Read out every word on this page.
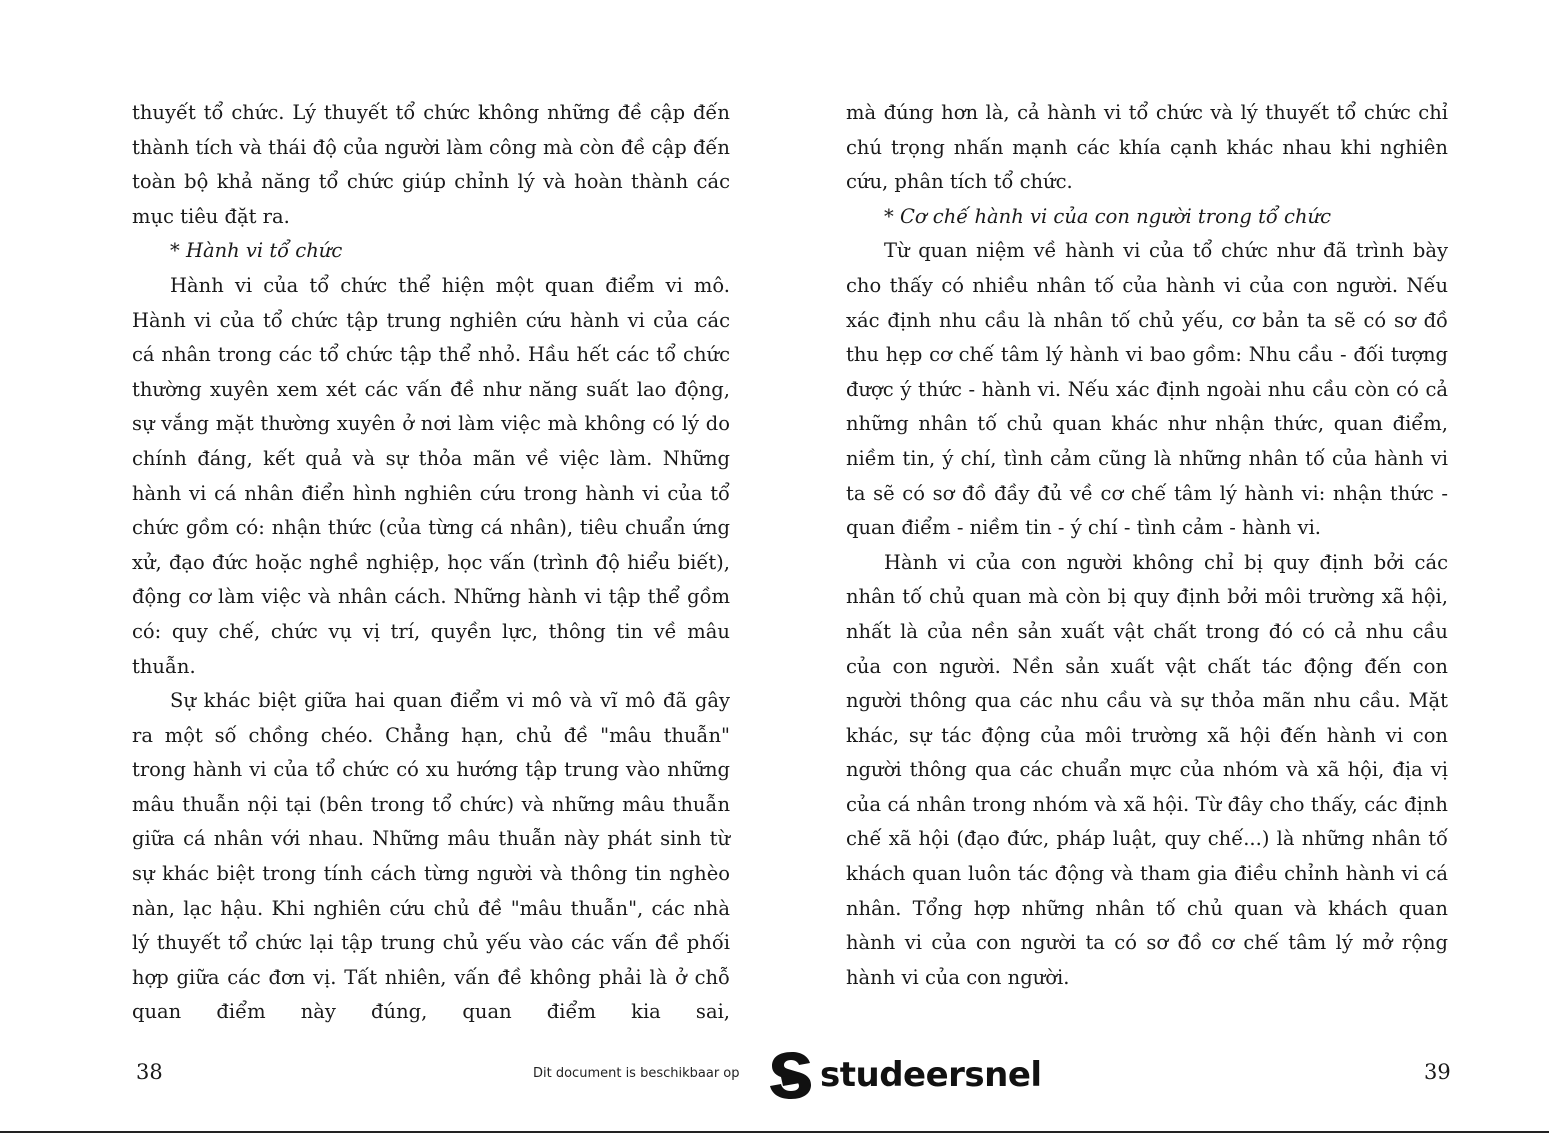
thuyết tổ chức. Lý thuyết tổ chức không những đề cập đến thành tích và thái độ của người làm công mà còn đề cập đến toàn bộ khả năng tổ chức giúp chỉnh lý và hoàn thành các mục tiêu đặt ra.

* Hành vi tổ chức

Hành vi của tổ chức thể hiện một quan điểm vi mô. Hành vi của tổ chức tập trung nghiên cứu hành vi của các cá nhân trong các tổ chức tập thể nhỏ. Hầu hết các tổ chức thường xuyên xem xét các vấn đề như năng suất lao động, sự vắng mặt thường xuyên ở nơi làm việc mà không có lý do chính đáng, kết quả và sự thỏa mãn về việc làm. Những hành vi cá nhân điển hình nghiên cứu trong hành vi của tổ chức gồm có: nhận thức (của từng cá nhân), tiêu chuẩn ứng xử, đạo đức hoặc nghề nghiệp, học vấn (trình độ hiểu biết), động cơ làm việc và nhân cách. Những hành vi tập thể gồm có: quy chế, chức vụ vị trí, quyền lực, thông tin về mâu thuẫn.

Sự khác biệt giữa hai quan điểm vi mô và vĩ mô đã gây ra một số chồng chéo. Chẳng hạn, chủ đề "mâu thuẫn" trong hành vi của tổ chức có xu hướng tập trung vào những mâu thuẫn nội tại (bên trong tổ chức) và những mâu thuẫn giữa cá nhân với nhau. Những mâu thuẫn này phát sinh từ sự khác biệt trong tính cách từng người và thông tin nghèo nàn, lạc hậu. Khi nghiên cứu chủ đề "mâu thuẫn", các nhà lý thuyết tổ chức lại tập trung chủ yếu vào các vấn đề phối hợp giữa các đơn vị. Tất nhiên, vấn đề không phải là ở chỗ quan điểm này đúng, quan điểm kia sai,

mà đúng hơn là, cả hành vi tổ chức và lý thuyết tổ chức chỉ chú trọng nhấn mạnh các khía cạnh khác nhau khi nghiên cứu, phân tích tổ chức.

* Cơ chế hành vi của con người trong tổ chức

Từ quan niệm về hành vi của tổ chức như đã trình bày cho thấy có nhiều nhân tố của hành vi của con người. Nếu xác định nhu cầu là nhân tố chủ yếu, cơ bản ta sẽ có sơ đồ thu hẹp cơ chế tâm lý hành vi bao gồm: Nhu cầu - đối tượng được ý thức - hành vi. Nếu xác định ngoài nhu cầu còn có cả những nhân tố chủ quan khác như nhận thức, quan điểm, niềm tin, ý chí, tình cảm cũng là những nhân tố của hành vi ta sẽ có sơ đồ đầy đủ về cơ chế tâm lý hành vi: nhận thức - quan điểm - niềm tin - ý chí - tình cảm - hành vi.

Hành vi của con người không chỉ bị quy định bởi các nhân tố chủ quan mà còn bị quy định bởi môi trường xã hội, nhất là của nền sản xuất vật chất trong đó có cả nhu cầu của con người. Nền sản xuất vật chất tác động đến con người thông qua các nhu cầu và sự thỏa mãn nhu cầu. Mặt khác, sự tác động của môi trường xã hội đến hành vi con người thông qua các chuẩn mực của nhóm và xã hội, địa vị của cá nhân trong nhóm và xã hội. Từ đây cho thấy, các định chế xã hội (đạo đức, pháp luật, quy chế...) là những nhân tố khách quan luôn tác động và tham gia điều chỉnh hành vi cá nhân. Tổng hợp những nhân tố chủ quan và khách quan hành vi của con người ta có sơ đồ cơ chế tâm lý mở rộng hành vi của con người.

38	39
Dit document is beschikbaar op studeersnel
